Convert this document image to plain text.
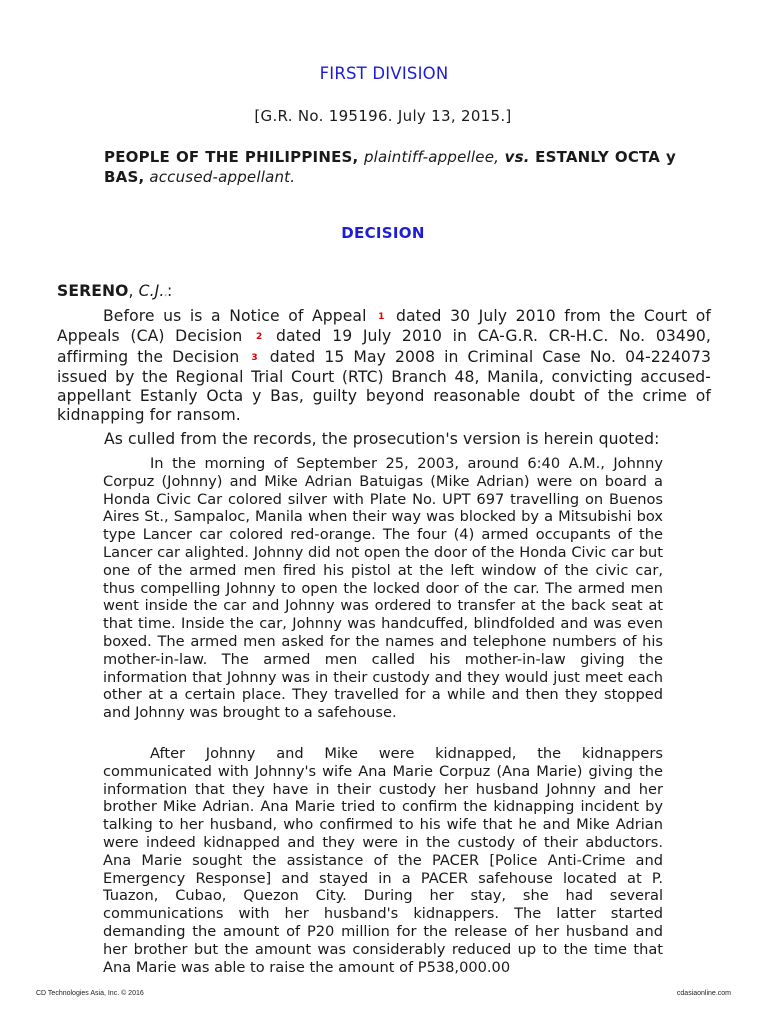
FIRST DIVISION
[G.R. No. 195196. July 13, 2015.]
PEOPLE OF THE PHILIPPINES, plaintiff-appellee, vs. ESTANLY OCTA y BAS, accused-appellant.
DECISION
SERENO, C.J.*:
Before us is a Notice of Appeal 1 dated 30 July 2010 from the Court of Appeals (CA) Decision 2 dated 19 July 2010 in CA-G.R. CR-H.C. No. 03490, affirming the Decision 3 dated 15 May 2008 in Criminal Case No. 04-224073 issued by the Regional Trial Court (RTC) Branch 48, Manila, convicting accused-appellant Estanly Octa y Bas, guilty beyond reasonable doubt of the crime of kidnapping for ransom.
As culled from the records, the prosecution's version is herein quoted:
In the morning of September 25, 2003, around 6:40 A.M., Johnny Corpuz (Johnny) and Mike Adrian Batuigas (Mike Adrian) were on board a Honda Civic Car colored silver with Plate No. UPT 697 travelling on Buenos Aires St., Sampaloc, Manila when their way was blocked by a Mitsubishi box type Lancer car colored red-orange. The four (4) armed occupants of the Lancer car alighted. Johnny did not open the door of the Honda Civic car but one of the armed men fired his pistol at the left window of the civic car, thus compelling Johnny to open the locked door of the car. The armed men went inside the car and Johnny was ordered to transfer at the back seat at that time. Inside the car, Johnny was handcuffed, blindfolded and was even boxed. The armed men asked for the names and telephone numbers of his mother-in-law. The armed men called his mother-in-law giving the information that Johnny was in their custody and they would just meet each other at a certain place. They travelled for a while and then they stopped and Johnny was brought to a safehouse.
After Johnny and Mike were kidnapped, the kidnappers communicated with Johnny's wife Ana Marie Corpuz (Ana Marie) giving the information that they have in their custody her husband Johnny and her brother Mike Adrian. Ana Marie tried to confirm the kidnapping incident by talking to her husband, who confirmed to his wife that he and Mike Adrian were indeed kidnapped and they were in the custody of their abductors. Ana Marie sought the assistance of the PACER [Police Anti-Crime and Emergency Response] and stayed in a PACER safehouse located at P. Tuazon, Cubao, Quezon City. During her stay, she had several communications with her husband's kidnappers. The latter started demanding the amount of P20 million for the release of her husband and her brother but the amount was considerably reduced up to the time that Ana Marie was able to raise the amount of P538,000.00
CD Technologies Asia, Inc. © 2016	cdasiaonline.com
